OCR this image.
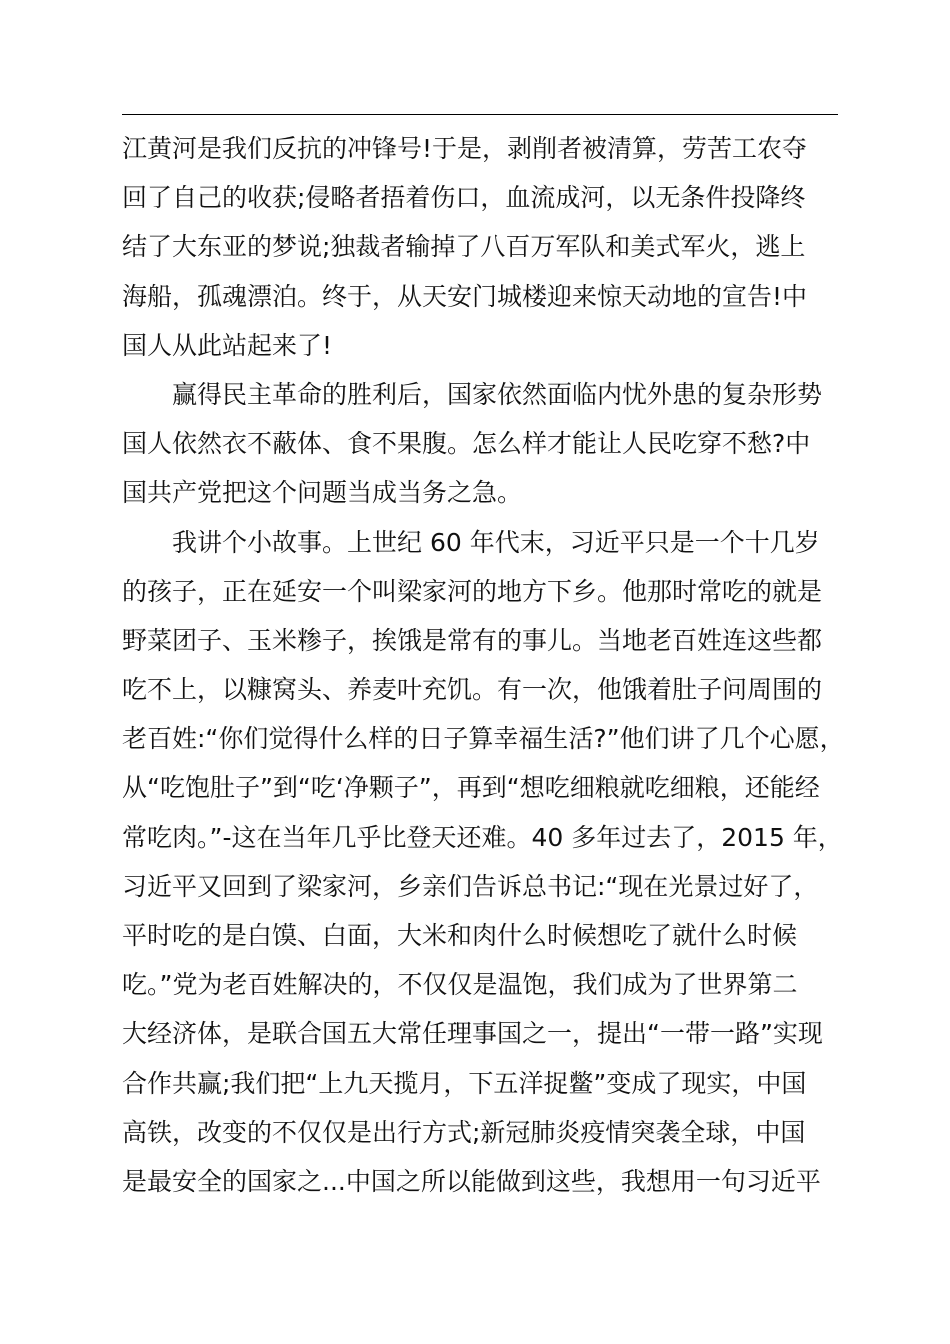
江黄河是我们反抗的冲锋号!于是，剥削者被清算，劳苦工农夺
回了自己的收获;侵略者捂着伤口，血流成河，以无条件投降终
结了大东亚的梦说;独裁者输掉了八百万军队和美式军火，逃上
海船，孤魂漂泊。终于，从天安门城楼迎来惊天动地的宣告!中
国人从此站起来了!
赢得民主革命的胜利后，国家依然面临内忧外患的复杂形势
国人依然衣不蔽体、食不果腹。怎么样才能让人民吃穿不愁?中
国共产党把这个问题当成当务之急。
我讲个小故事。上世纪 60 年代末，习近平只是一个十几岁
的孩子，正在延安一个叫梁家河的地方下乡。他那时常吃的就是
野菜团子、玉米糁子，挨饿是常有的事儿。当地老百姓连这些都
吃不上，以糠窝头、养麦叶充饥。有一次，他饿着肚子问周围的
老百姓:“你们觉得什么样的日子算幸福生活?”他们讲了几个心愿，
从“吃饱肚子”到“吃‘净颗子”，再到“想吃细粮就吃细粮，还能经
常吃肉。”-这在当年几乎比登天还难。40 多年过去了，2015 年，
习近平又回到了梁家河，乡亲们告诉总书记:“现在光景过好了，
平时吃的是白馍、白面，大米和肉什么时候想吃了就什么时候
吃。”党为老百姓解决的，不仅仅是温饱，我们成为了世界第二
大经济体，是联合国五大常任理事国之一，提出“一带一路”实现
合作共赢;我们把“上九天揽月，下五洋捉鳖”变成了现实，中国
高铁，改变的不仅仅是出行方式;新冠肺炎疫情突袭全球，中国
是最安全的国家之...中国之所以能做到这些，我想用一句习近平
